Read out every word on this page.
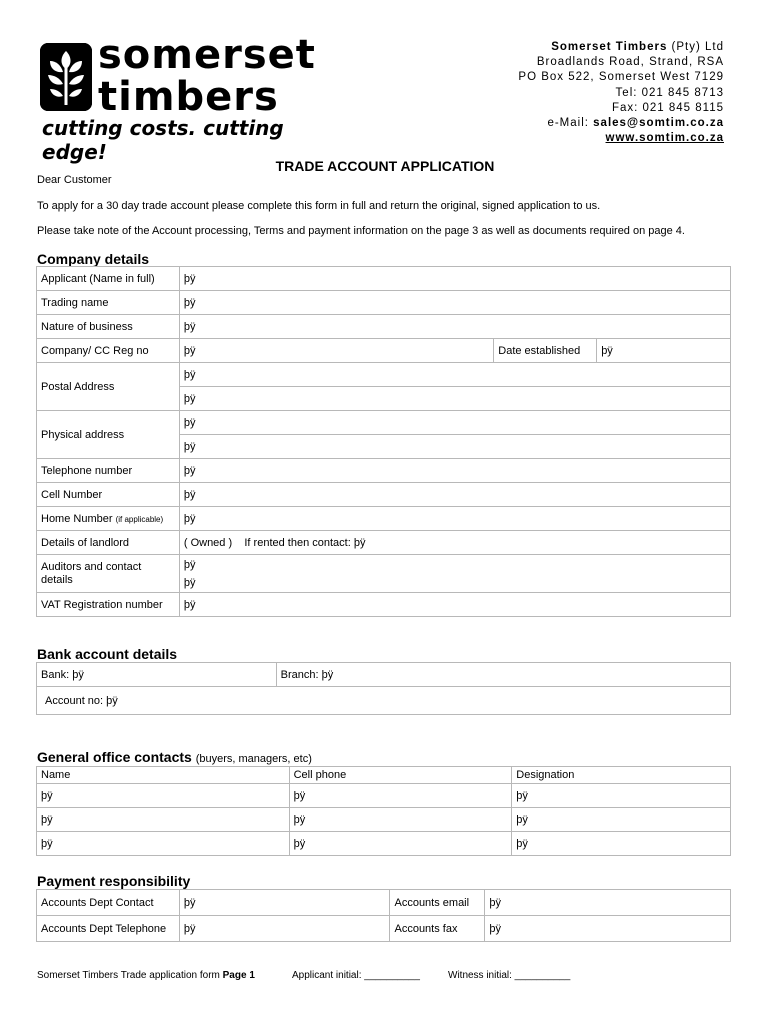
somerset
timbers
cutting costs. cutting edge!
Somerset Timbers (Pty) Ltd
Broadlands Road, Strand, RSA
PO Box 522, Somerset West 7129
Tel: 021 845 8713
Fax: 021 845 8115
e-Mail: sales@somtim.co.za
www.somtim.co.za
TRADE ACCOUNT APPLICATION
Dear Customer
To apply for a 30 day trade account please complete this form in full and return the original, signed application to us.
Please take note of the Account processing, Terms and payment information on the page 3 as well as documents required on page 4.
Company details
Applicant (Name in full)	þÿ		
Trading name	þÿ		
Nature of business	þÿ		
Company/ CC Reg no	þÿ	Date established	þÿ
Postal Address	þÿ		
	þÿ		
Physical address	þÿ		
	þÿ		
Telephone number	þÿ		
Cell Number	þÿ		
Home Number (if applicable)	þÿ		
Details of landlord	( Owned ) If rented then contact: þÿ		
Auditors and contact details	þÿ
þÿ		

VAT Registration number	þÿ		
Bank account details
Bank: þÿ	Branch: þÿ
Account no: þÿ
General office contacts (buyers, managers, etc)
Name	Cell phone	Designation
þÿ	þÿ	þÿ
þÿ	þÿ	þÿ
þÿ	þÿ	þÿ
Payment responsibility
Accounts Dept Contact	þÿ	Accounts email	þÿ
Accounts Dept Telephone	þÿ	Accounts fax	þÿ
Somerset Timbers Trade application form Page 1	Applicant initial: __________	Witness initial: __________
